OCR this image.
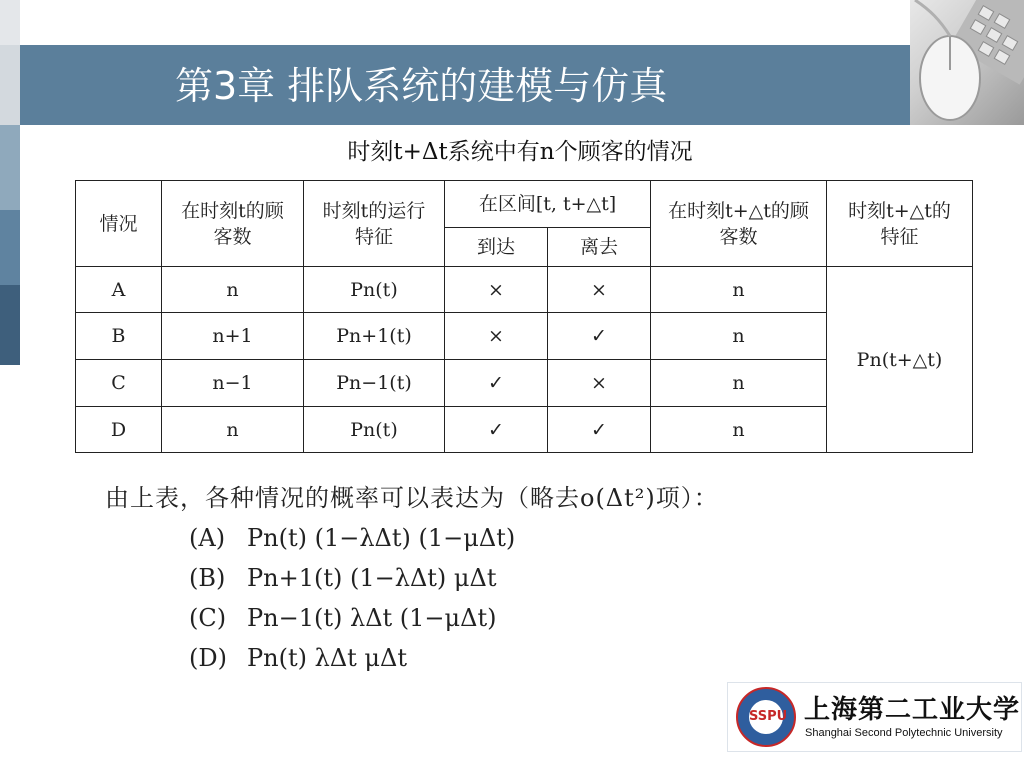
第3章 排队系统的建模与仿真
时刻t+Δt系统中有n个顾客的情况
情况	在时刻t的顾客数	时刻t的运行特征	在区间[t, t+△t]		在时刻t+△t的顾客数	时刻t+△t的特征
			到达	离去		
A	n	Pn(t)	×	×	n	Pn(t+△t)
B	n+1	Pn+1(t)	×	✓	n	
C	n−1	Pn−1(t)	✓	×	n	
D	n	Pn(t)	✓	✓	n	
由上表，各种情况的概率可以表达为（略去o(Δt²)项）：
(A) Pn(t) (1−λΔt) (1−μΔt)
(B) Pn+1(t) (1−λΔt) μΔt
(C) Pn−1(t) λΔt (1−μΔt)
(D) Pn(t) λΔt μΔt
SSPU 上海第二工业大学
Shanghai Second Polytechnic University
